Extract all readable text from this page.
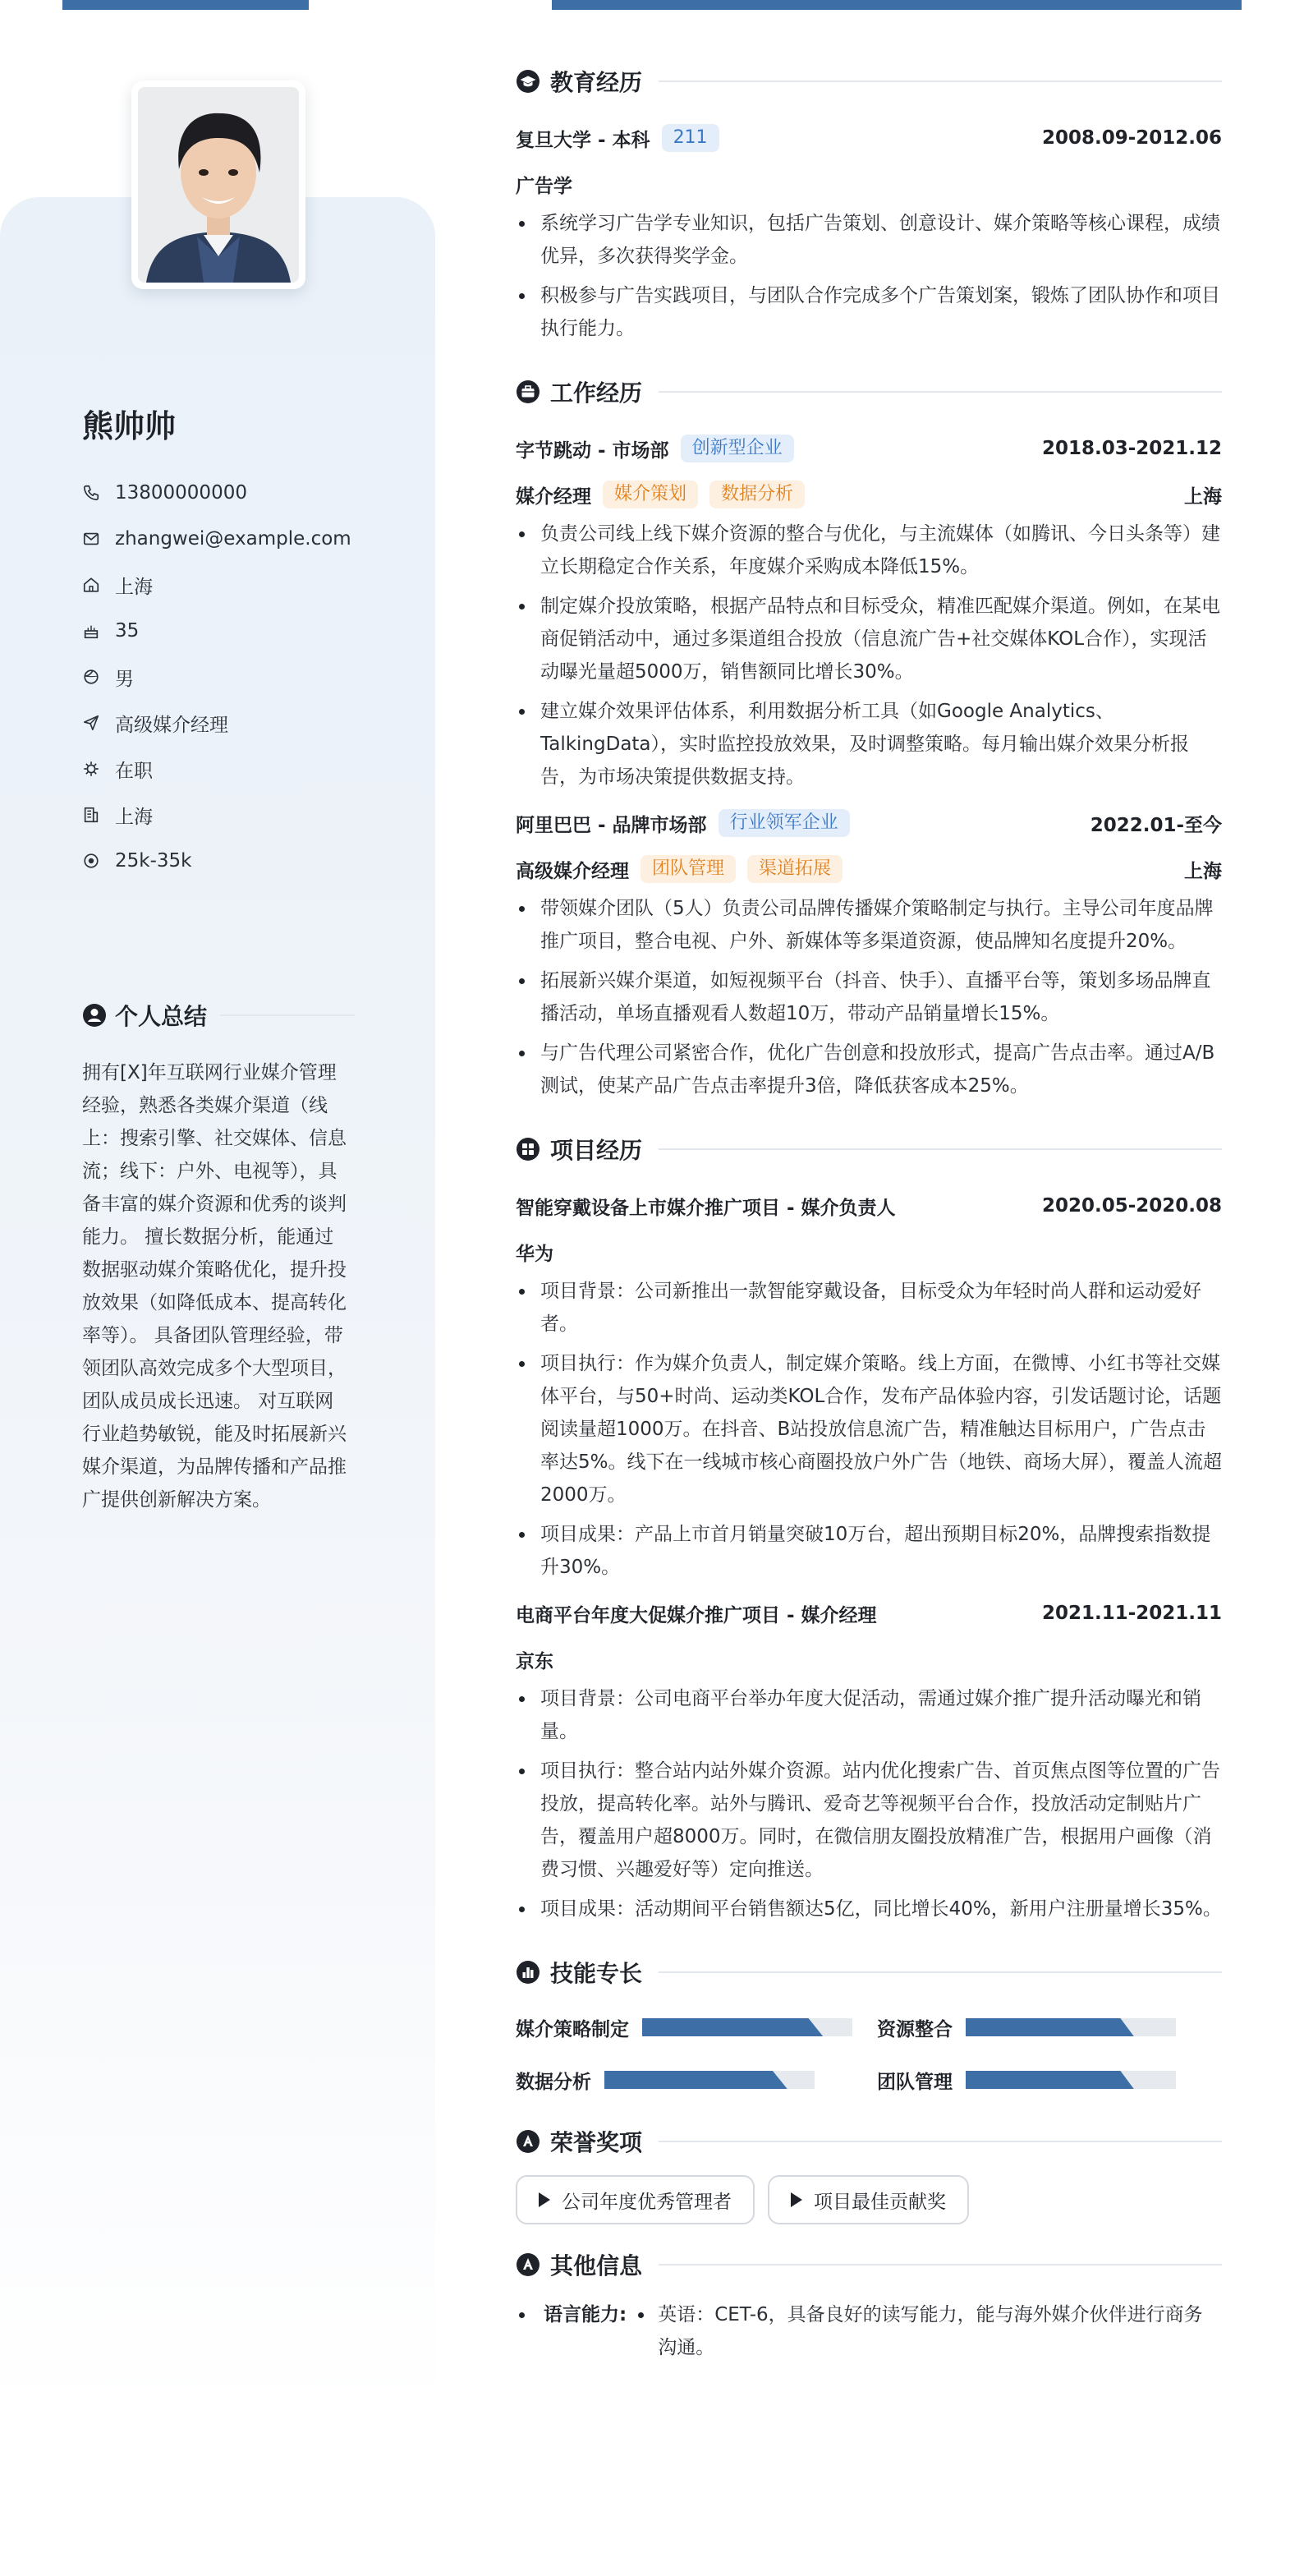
熊帅帅
13800000000
zhangwei@example.com
上海
35
男
高级媒介经理
在职
上海
25k-35k
个人总结
拥有[X]年互联网行业媒介管理经验，熟悉各类媒介渠道（线上：搜索引擎、社交媒体、信息流；线下：户外、电视等），具备丰富的媒介资源和优秀的谈判能力。 擅长数据分析，能通过数据驱动媒介策略优化，提升投放效果（如降低成本、提高转化率等）。 具备团队管理经验，带领团队高效完成多个大型项目，团队成员成长迅速。 对互联网行业趋势敏锐，能及时拓展新兴媒介渠道，为品牌传播和产品推广提供创新解决方案。
教育经历
复旦大学 - 本科	211	2008.09-2012.06
广告学
系统学习广告学专业知识，包括广告策划、创意设计、媒介策略等核心课程，成绩优异，多次获得奖学金。
积极参与广告实践项目，与团队合作完成多个广告策划案，锻炼了团队协作和项目执行能力。
工作经历
字节跳动 - 市场部	创新型企业	2018.03-2021.12
媒介经理	媒介策划	数据分析	上海
负责公司线上线下媒介资源的整合与优化，与主流媒体（如腾讯、今日头条等）建立长期稳定合作关系，年度媒介采购成本降低15%。
制定媒介投放策略，根据产品特点和目标受众，精准匹配媒介渠道。例如，在某电商促销活动中，通过多渠道组合投放（信息流广告+社交媒体KOL合作），实现活动曝光量超5000万，销售额同比增长30%。
建立媒介效果评估体系，利用数据分析工具（如Google Analytics、TalkingData），实时监控投放效果，及时调整策略。每月输出媒介效果分析报告，为市场决策提供数据支持。
阿里巴巴 - 品牌市场部	行业领军企业	2022.01-至今
高级媒介经理	团队管理	渠道拓展	上海
带领媒介团队（5人）负责公司品牌传播媒介策略制定与执行。主导公司年度品牌推广项目，整合电视、户外、新媒体等多渠道资源，使品牌知名度提升20%。
拓展新兴媒介渠道，如短视频平台（抖音、快手）、直播平台等，策划多场品牌直播活动，单场直播观看人数超10万，带动产品销量增长15%。
与广告代理公司紧密合作，优化广告创意和投放形式，提高广告点击率。通过A/B测试，使某产品广告点击率提升3倍，降低获客成本25%。
项目经历
智能穿戴设备上市媒介推广项目 - 媒介负责人	2020.05-2020.08
华为
项目背景：公司新推出一款智能穿戴设备，目标受众为年轻时尚人群和运动爱好者。
项目执行：作为媒介负责人，制定媒介策略。线上方面，在微博、小红书等社交媒体平台，与50+时尚、运动类KOL合作，发布产品体验内容，引发话题讨论，话题阅读量超1000万。在抖音、B站投放信息流广告，精准触达目标用户，广告点击率达5%。线下在一线城市核心商圈投放户外广告（地铁、商场大屏），覆盖人流超2000万。
项目成果：产品上市首月销量突破10万台，超出预期目标20%，品牌搜索指数提升30%。
电商平台年度大促媒介推广项目 - 媒介经理	2021.11-2021.11
京东
项目背景：公司电商平台举办年度大促活动，需通过媒介推广提升活动曝光和销量。
项目执行：整合站内站外媒介资源。站内优化搜索广告、首页焦点图等位置的广告投放，提高转化率。站外与腾讯、爱奇艺等视频平台合作，投放活动定制贴片广告，覆盖用户超8000万。同时，在微信朋友圈投放精准广告，根据用户画像（消费习惯、兴趣爱好等）定向推送。
项目成果：活动期间平台销售额达5亿，同比增长40%，新用户注册量增长35%。
技能专长
媒介策略制定	资源整合
数据分析	团队管理
荣誉奖项
公司年度优秀管理者	项目最佳贡献奖
其他信息
语言能力:	英语：CET-6，具备良好的读写能力，能与海外媒介伙伴进行商务沟通。
